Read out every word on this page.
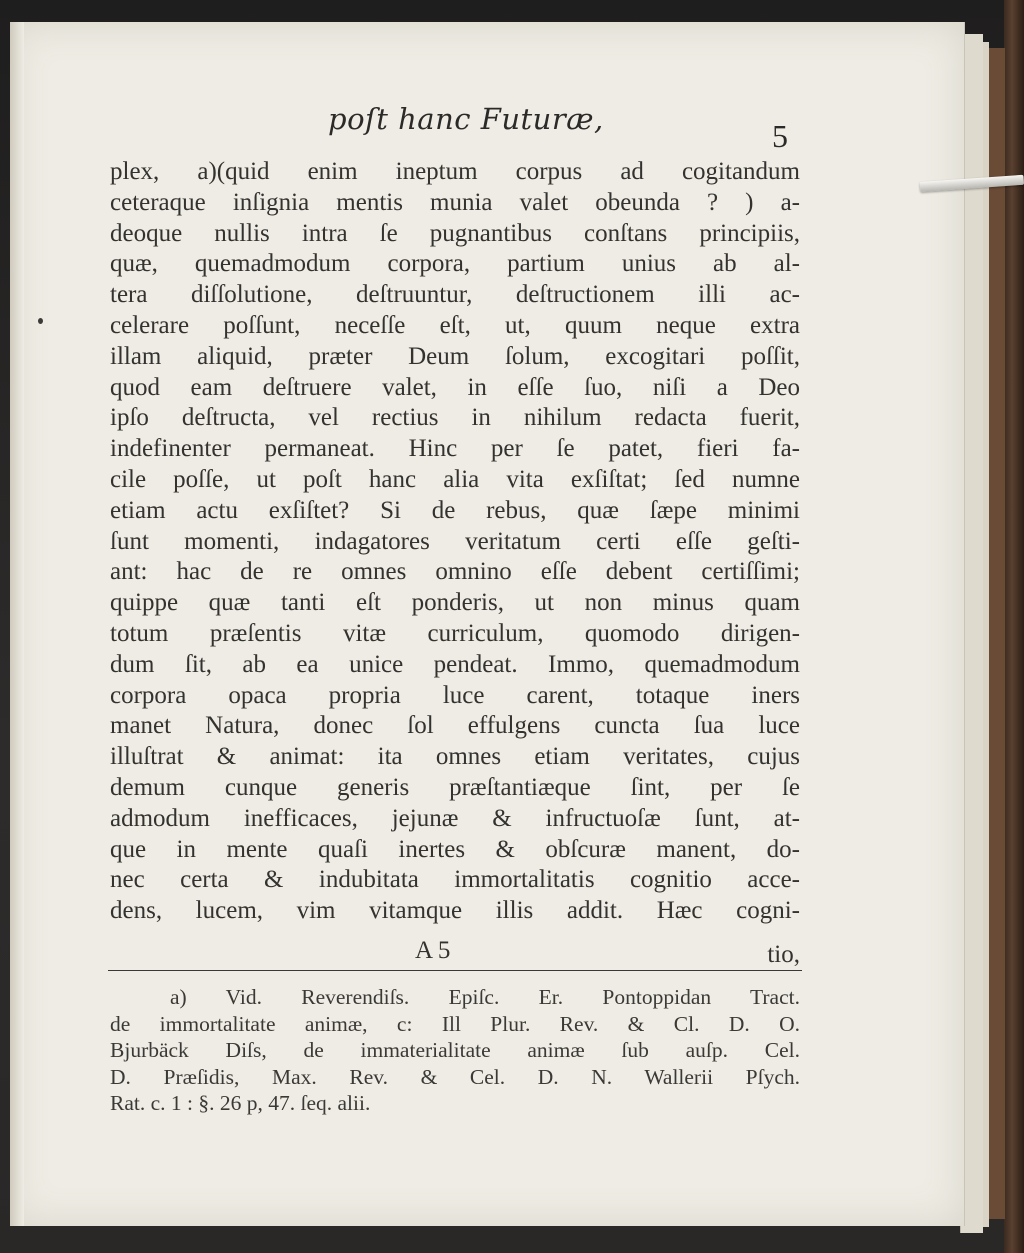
poſt hanc Futuræ,	5
plex, a)(quid enim ineptum corpus ad cogitandum
ceteraque inſignia mentis munia valet obeunda ? ) a-
deoque nullis intra ſe pugnantibus conſtans principiis,
quæ, quemadmodum corpora, partium unius ab al-
tera diſſolutione, deſtruuntur, deſtructionem illi ac-
celerare poſſunt, neceſſe eſt, ut, quum neque extra
illam aliquid, præter Deum ſolum, excogitari poſſit,
quod eam deſtruere valet, in eſſe ſuo, niſi a Deo
ipſo deſtructa, vel rectius in nihilum redacta fuerit,
indefinenter permaneat. Hinc per ſe patet, fieri fa-
cile poſſe, ut poſt hanc alia vita exſiſtat; ſed numne
etiam actu exſiſtet? Si de rebus, quæ ſæpe minimi
ſunt momenti, indagatores veritatum certi eſſe geſti-
ant: hac de re omnes omnino eſſe debent certiſſimi;
quippe quæ tanti eſt ponderis, ut non minus quam
totum præſentis vitæ curriculum, quomodo dirigen-
dum ſit, ab ea unice pendeat. Immo, quemadmodum
corpora opaca propria luce carent, totaque iners
manet Natura, donec ſol effulgens cuncta ſua luce
illuſtrat & animat: ita omnes etiam veritates, cujus
demum cunque generis præſtantiæque ſint, per ſe
admodum inefficaces, jejunæ & infructuoſæ ſunt, at-
que in mente quaſi inertes & obſcuræ manent, do-
nec certa & indubitata immortalitatis cognitio acce-
dens, lucem, vim vitamque illis addit. Hæc cogni-
A 5	tio,
a) Vid. Reverendiſs. Epiſc. Er. Pontoppidan Tract.
de immortalitate animæ, c: Ill Plur. Rev. & Cl. D. O.
Bjurbäck Diſs, de immaterialitate animæ ſub auſp. Cel.
D. Præſidis, Max. Rev. & Cel. D. N. Wallerii Pſych.
Rat. c. 1 : §. 26 p, 47. ſeq. alii.
